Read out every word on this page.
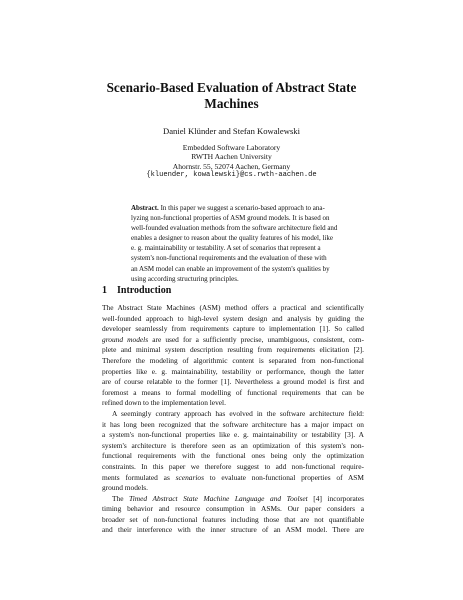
Scenario-Based Evaluation of Abstract State Machines
Daniel Klünder and Stefan Kowalewski
Embedded Software Laboratory
RWTH Aachen University
Ahornstr. 55, 52074 Aachen, Germany
{kluender, kowalewski}@cs.rwth-aachen.de
Abstract. In this paper we suggest a scenario-based approach to ana-
lyzing non-functional properties of ASM ground models. It is based on
well-founded evaluation methods from the software architecture field and
enables a designer to reason about the quality features of his model, like
e. g. maintainability or testability. A set of scenarios that represent a
system's non-functional requirements and the evaluation of these with
an ASM model can enable an improvement of the system's qualities by
using according structuring principles.
1 Introduction
The Abstract State Machines (ASM) method offers a practical and scientifically
well-founded approach to high-level system design and analysis by guiding the
developer seamlessly from requirements capture to implementation [1]. So called
ground models are used for a sufficiently precise, unambiguous, consistent, com-
plete and minimal system description resulting from requirements elicitation [2].
Therefore the modeling of algorithmic content is separated from non-functional
properties like e. g. maintainability, testability or performance, though the latter
are of course relatable to the former [1]. Nevertheless a ground model is first and
foremost a means to formal modelling of functional requirements that can be
refined down to the implementation level.
A seemingly contrary approach has evolved in the software architecture field:
it has long been recognized that the software architecture has a major impact on
a system's non-functional properties like e. g. maintainability or testability [3]. A
system's architecture is therefore seen as an optimization of this system's non-
functional requirements with the functional ones being only the optimization
constraints. In this paper we therefore suggest to add non-functional require-
ments formulated as scenarios to evaluate non-functional properties of ASM
ground models.
The Timed Abstract State Machine Language and Toolset [4] incorporates
timing behavior and resource consumption in ASMs. Our paper considers a
broader set of non-functional features including those that are not quantifiable
and their interference with the inner structure of an ASM model. There are
